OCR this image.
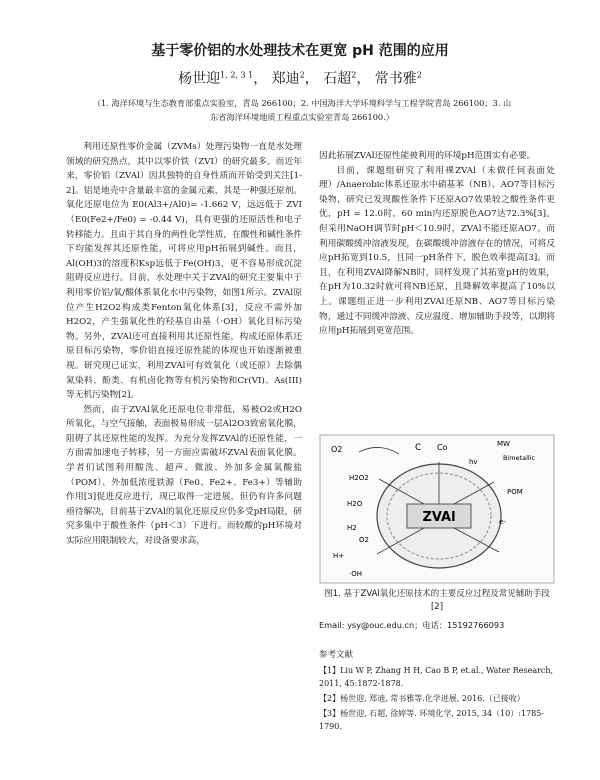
基于零价铝的水处理技术在更宽 pH 范围的应用
杨世迎$^{1, 2, 3 1}$， 郑迪$^2$， 石超$^2$， 常书雅$^2$
（1. 海洋环境与生态教育部重点实验室，青岛 266100；2. 中国海洋大学环境科学与工程学院青岛 266100；3. 山东省海洋环境地质工程重点实验室青岛 266100.）

利用还原性零价金属（ZVMs）处理污染物一直是水处理领域的研究热点，其中以零价铁（ZVI）的研究最多。而近年来，零价铝（ZVAl）因其独特的自身性质而开始受到关注[1-2]。铝是地壳中含量最丰富的金属元素，其是一种强还原剂。氧化还原电位为 E0(Al3+/Al0)= -1.662 V，远远低于 ZVI（E0(Fe2+/Fe0) = -0.44 V)，具有更强的还原活性和电子转移能力。且由于其自身的两性化学性质，在酸性和碱性条件下均能发挥其还原性能，可将应用pH拓展到碱性。而且，Al(OH)3的溶度积Ksp远低于Fe(OH)3，更不容易形成沉淀阻碍反应进行。目前，水处理中关于ZVAl的研究主要集中于利用零价铝/氧/酸体系氧化水中污染物，如图1所示。ZVAl原位产生H2O2构成类Fenton氧化体系[3]，反应不需外加H2O2，产生强氧化性的羟基自由基（·OH）氧化目标污染物。另外，ZVAl还可直接利用其还原性能，构成还原体系还原目标污染物，零价铝直接还原性能的体现也开始逐渐被重视。研究现已证实，利用ZVAl可有效氧化（或还原）去除偶氮染料、酚类、有机卤化物等有机污染物和Cr(VI)、As(III)等无机污染物[2]。

然而，由于ZVAl氧化还原电位非常低，易被O2或H2O所氧化，与空气接触，表面极易形成一层Al2O3致密氧化膜，阻碍了其还原性能的发挥。为充分发挥ZVAl的还原性能，一方面需加速电子转移，另一方面应需破坏ZVAl表面氧化膜。学者们试图利用酸洗、超声、微波、外加多金属氧酸盐（POM）、外加低浓度铁源（Fe0、Fe2+、Fe3+）等辅助作用[3]促进反应进行，现已取得一定进展，但仍有许多问题亟待解决，目前基于ZVAl的氧化还原反应仍多受pH局限，研究多集中于酸性条件（pH＜3）下进行。而较酸的pH环境对实际应用限制较大，对设备要求高，

因此拓展ZVAl还原性能被利用的环境pH范围实有必要。

目前，课题组研究了利用裸ZVAl（未做任何表面处理）/Anaerobic体系还原水中硝基苯（NB）、AO7等目标污染物，研究已发现酸性条件下还原AO7效果较之酸性条件更优，pH = 12.0时，60 min内还原脱色AO7达72.3%[3]。但采用NaOH调节时pH＜10.9时，ZVAl不能还原AO7。而利用碳酸缓冲溶液发现，在碳酸缓冲溶液存在的情况，可将反应pH拓宽到10.5，且同一pH条件下，脱色效率提高[3]。而且，在利用ZVAl降解NB时，同样发现了其拓宽pH的效果，在pH为10.32时就可将NB还原，且降解效率提高了10%以上。课题组正进一步利用ZVAl还原NB、AO7等目标污染物，通过不同缓冲溶液、反应温度、增加辅助手段等，以期将应用pH拓展到更宽范围。

ZVAl
O2	C Co	MW
Bimetallic
hv
POM
H2O2
e-
H2O
H2
O2
H+
·OH
图1. 基于ZVAl氧化还原技术的主要反应过程及常见辅助手段[2]
Email: ysy@ouc.edu.cn；电话：15192766093
参考文献
【1】Liu W P, Zhang H H, Cao B P, et.al., Water Research, 2011, 45:1872-1878.
【2】杨世迎, 郑迪, 常书雅等.化学进展, 2016.（已接收）
【3】杨世迎, 石超, 徐婷等. 环境化学, 2015, 34（10）:1785-1790.
